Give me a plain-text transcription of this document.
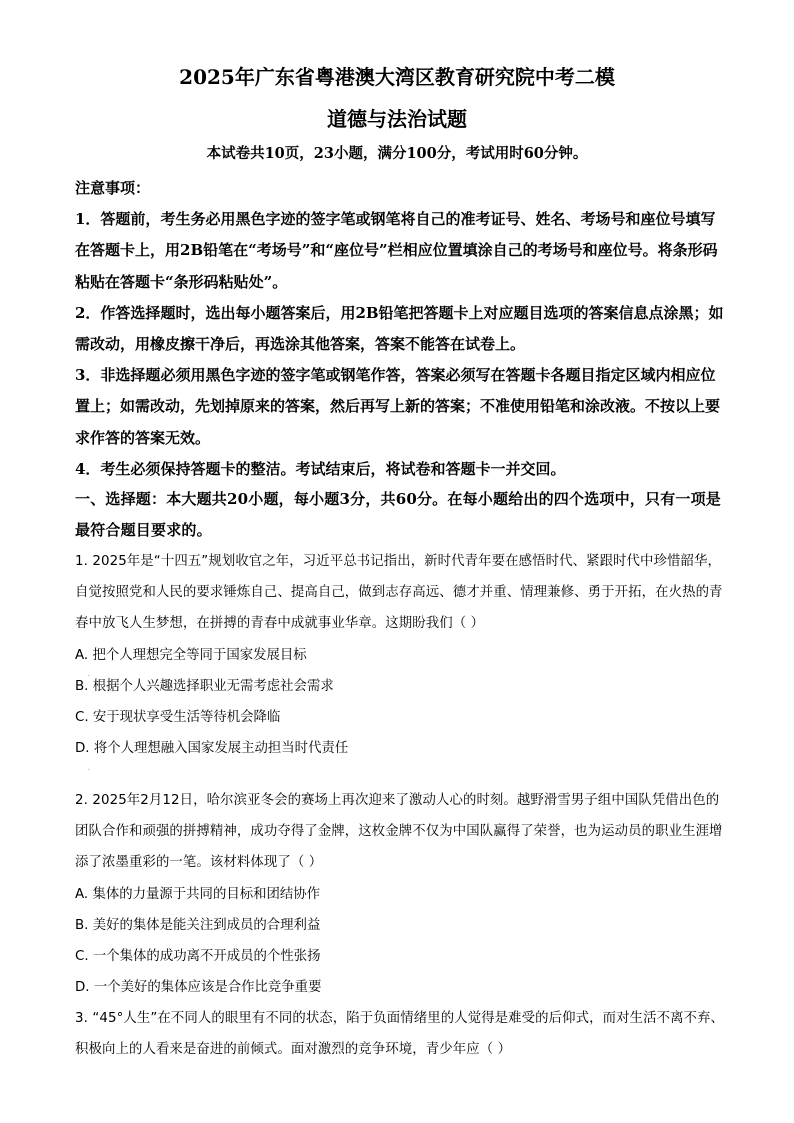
2025年广东省粤港澳大湾区教育研究院中考二模
道德与法治试题
本试卷共10页，23小题，满分100分，考试用时60分钟。

注意事项：

1．答题前，考生务必用黑色字迹的签字笔或钢笔将自己的准考证号、姓名、考场号和座位号填写在答题卡上，用2B铅笔在“考场号”和“座位号”栏相应位置填涂自己的考场号和座位号。将条形码粘贴在答题卡“条形码粘贴处”。

2．作答选择题时，选出每小题答案后，用2B铅笔把答题卡上对应题目选项的答案信息点涂黑；如需改动，用橡皮擦干净后，再选涂其他答案，答案不能答在试卷上。

3．非选择题必须用黑色字迹的签字笔或钢笔作答，答案必须写在答题卡各题目指定区域内相应位置上；如需改动，先划掉原来的答案，然后再写上新的答案；不准使用铅笔和涂改液。不按以上要求作答的答案无效。

4．考生必须保持答题卡的整洁。考试结束后，将试卷和答题卡一并交回。

一、选择题：本大题共20小题，每小题3分，共60分。在每小题给出的四个选项中，只有一项是最符合题目要求的。

1. 2025年是“十四五”规划收官之年，习近平总书记指出，新时代青年要在感悟时代、紧跟时代中珍惜韶华，自觉按照党和人民的要求锤炼自己、提高自己，做到志存高远、德才并重、情理兼修、勇于开拓，在火热的青春中放飞人生梦想，在拼搏的青春中成就事业华章。这期盼我们（ ）

A. 把个人理想完全等同于国家发展目标

B. 根据个人兴趣选择职业无需考虑社会需求

C. 安于现状享受生活等待机会降临

D. 将个人理想融入国家发展主动担当时代责任

·
·

2. 2025年2月12日，哈尔滨亚冬会的赛场上再次迎来了激动人心的时刻。越野滑雪男子组中国队凭借出色的团队合作和顽强的拼搏精神，成功夺得了金牌，这枚金牌不仅为中国队赢得了荣誉，也为运动员的职业生涯增添了浓墨重彩的一笔。该材料体现了（ ）

A. 集体的力量源于共同的目标和团结协作

B. 美好的集体是能关注到成员的合理利益

C. 一个集体的成功离不开成员的个性张扬

D. 一个美好的集体应该是合作比竞争重要

3. “45°人生”在不同人的眼里有不同的状态，陷于负面情绪里的人觉得是难受的后仰式，而对生活不离不弃、积极向上的人看来是奋进的前倾式。面对激烈的竞争环境，青少年应（ ）
